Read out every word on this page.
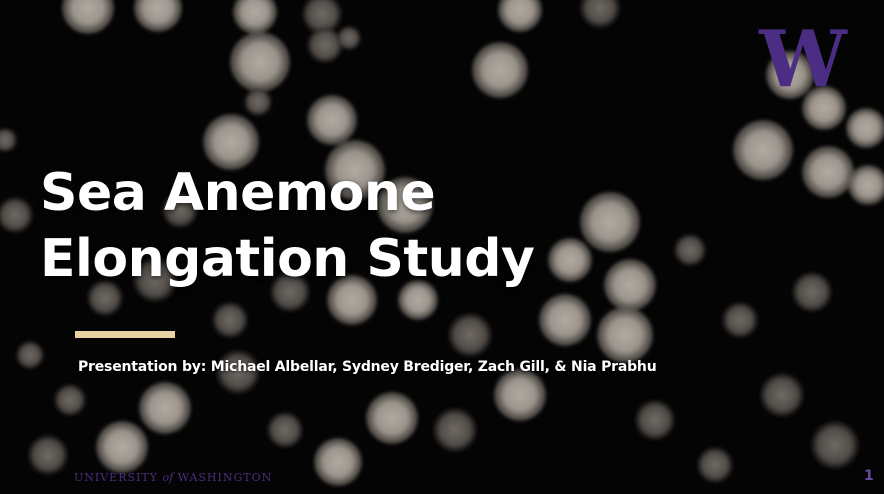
Sea Anemone
Elongation Study

Presentation by: Michael Albellar, Sydney Brediger, Zach Gill, & Nia Prabhu

W

UNIVERSITY of WASHINGTON	1
